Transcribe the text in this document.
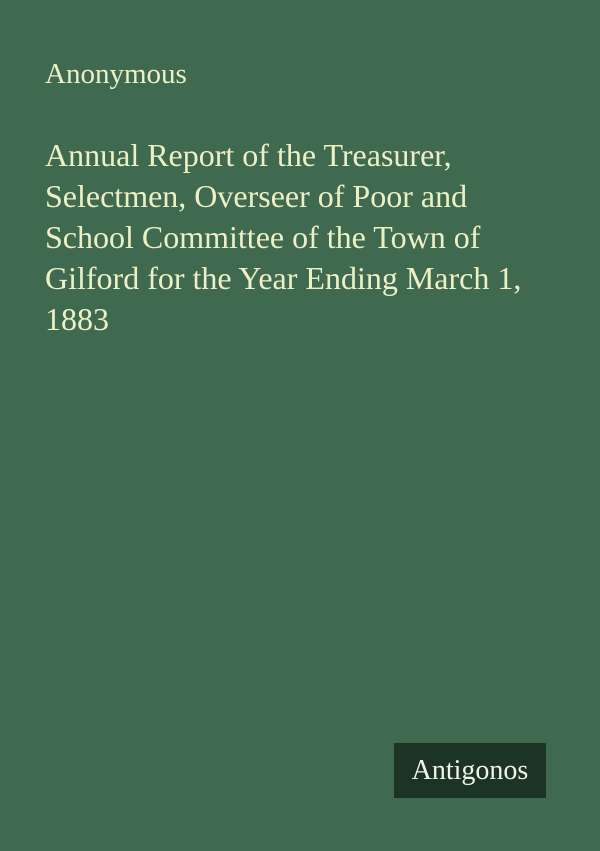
Anonymous
Annual Report of the Treasurer,
Selectmen, Overseer of Poor and
School Committee of the Town of
Gilford for the Year Ending March 1,
1883
Antigonos
